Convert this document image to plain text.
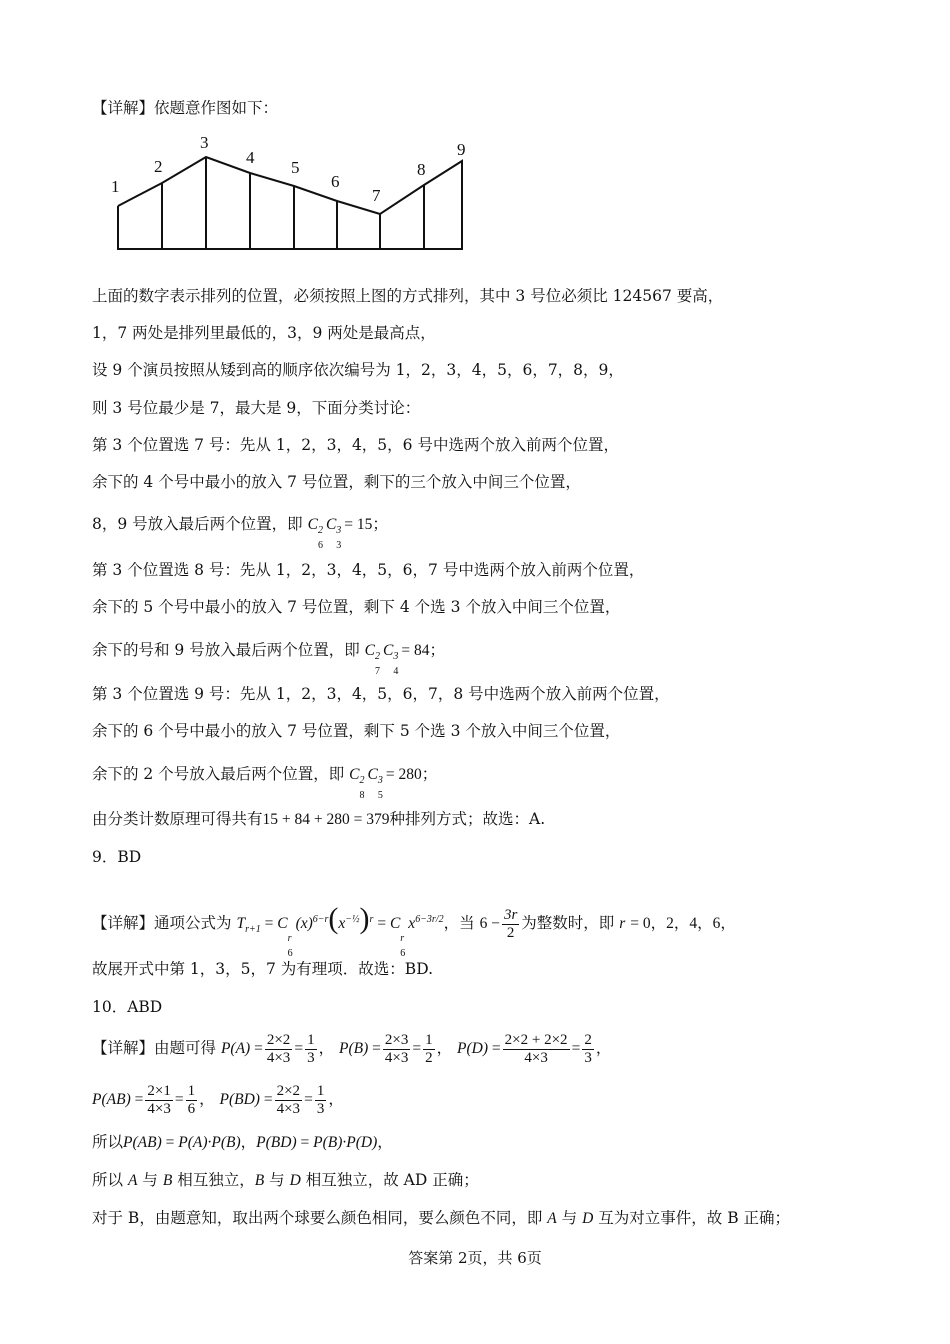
【详解】依题意作图如下：
1
2
3
4
5
6
7
8
9
上面的数字表示排列的位置，必须按照上图的方式排列，其中 3 号位必须比 124567 要高，
1，7 两处是排列里最低的，3，9 两处是最高点，
设 9 个演员按照从矮到高的顺序依次编号为 1，2，3，4，5，6，7，8，9，
则 3 号位最少是 7，最大是 9，下面分类讨论：
第 3 个位置选 7 号：先从 1，2，3，4，5，6 号中选两个放入前两个位置，
余下的 4 个号中最小的放入 7 号位置，剩下的三个放入中间三个位置，
8，9 号放入最后两个位置，即 C 2
6
C 3
3
= 15；
第 3 个位置选 8 号：先从 1，2，3，4，5，6，7 号中选两个放入前两个位置，
余下的 5 个号中最小的放入 7 号位置，剩下 4 个选 3 个放入中间三个位置，
余下的号和 9 号放入最后两个位置，即 C 2
7
C 3
4
= 84；
第 3 个位置选 9 号：先从 1，2，3，4，5，6，7，8 号中选两个放入前两个位置，
余下的 6 个号中最小的放入 7 号位置，剩下 5 个选 3 个放入中间三个位置，
余下的 2 个号放入最后两个位置，即 C 2
8
C 3
5
= 280；
由分类计数原理可得共有15 + 84 + 280 = 379种排列方式；故选：A.
9．BD
【详解】通项公式为 $T_{r+1} = C$
r
6
$(x)^{6-r}(x^{-\frac{1}{2}})^r = C$
r
6
$x^{6-3r/2}$，当 $6 - \frac{3r}{2}$ 为整数时，即 r = 0，2，4，6，
故展开式中第 1，3，5，7 为有理项．故选：BD.
10．ABD
【详解】由题可得 $P(A) = \frac{2\times 2}{4\times 3} = \frac{1}{3}$ ， $P(B) = \frac{2\times 3}{4\times 3} = \frac{1}{2}$ ， $P(D) = \frac{2\times 2 + 2\times 2}{4\times 3} = \frac{2}{3}$ ，
$P(AB) = \frac{2\times 1}{4\times 3} = \frac{1}{6}$ ， $P(BD) = \frac{2\times 2}{4\times 3} = \frac{1}{3}$ ，
所以P(AB) = P(A)·P(B)，P(BD) = P(B)·P(D)，
所以 A 与 B 相互独立，B 与 D 相互独立，故 AD 正确；
对于 B，由题意知，取出两个球要么颜色相同，要么颜色不同，即 A 与 D 互为对立事件，故 B 正确；
答案第 2页，共 6页
